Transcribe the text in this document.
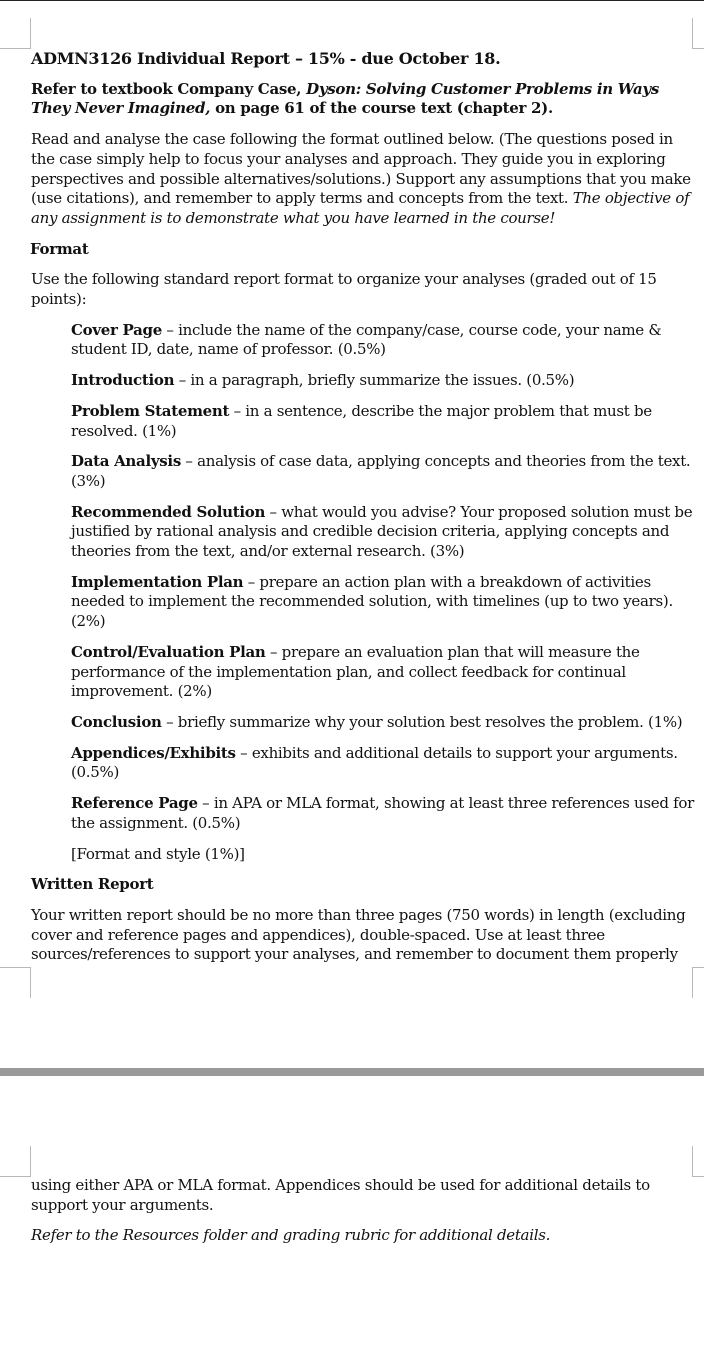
ADMN3126 Individual Report – 15% - due October 18.

Refer to textbook Company Case, Dyson: Solving Customer Problems in Ways They Never Imagined, on page 61 of the course text (chapter 2).

Read and analyse the case following the format outlined below. (The questions posed in the case simply help to focus your analyses and approach. They guide you in exploring perspectives and possible alternatives/solutions.) Support any assumptions that you make (use citations), and remember to apply terms and concepts from the text. The objective of any assignment is to demonstrate what you have learned in the course!

Format

Use the following standard report format to organize your analyses (graded out of 15 points):

Cover Page – include the name of the company/case, course code, your name & student ID, date, name of professor. (0.5%)

Introduction – in a paragraph, briefly summarize the issues. (0.5%)

Problem Statement – in a sentence, describe the major problem that must be resolved. (1%)

Data Analysis – analysis of case data, applying concepts and theories from the text. (3%)

Recommended Solution – what would you advise? Your proposed solution must be justified by rational analysis and credible decision criteria, applying concepts and theories from the text, and/or external research. (3%)

Implementation Plan – prepare an action plan with a breakdown of activities needed to implement the recommended solution, with timelines (up to two years). (2%)

Control/Evaluation Plan – prepare an evaluation plan that will measure the performance of the implementation plan, and collect feedback for continual improvement. (2%)

Conclusion – briefly summarize why your solution best resolves the problem. (1%)

Appendices/Exhibits – exhibits and additional details to support your arguments. (0.5%)

Reference Page – in APA or MLA format, showing at least three references used for the assignment. (0.5%)

[Format and style (1%)]

Written Report

Your written report should be no more than three pages (750 words) in length (excluding cover and reference pages and appendices), double-spaced. Use at least three sources/references to support your analyses, and remember to document them properly

using either APA or MLA format. Appendices should be used for additional details to support your arguments.

Refer to the Resources folder and grading rubric for additional details.
